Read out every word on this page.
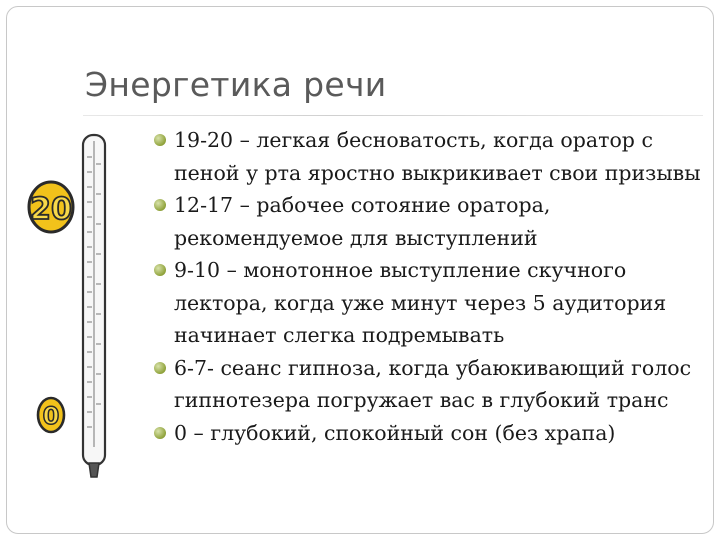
Энергетика речи
20
0
19-20 – легкая бесноватость, когда оратор с пеной у рта яростно выкрикивает свои призывы
12-17 – рабочее сотояние оратора, рекомендуемое для выступлений
9-10 – монотонное выступление скучного лектора, когда уже минут через 5 аудитория начинает слегка подремывать
6-7- сеанс гипноза, когда убаюкивающий голос гипнотезера погружает вас в глубокий транс
0 – глубокий, спокойный сон (без храпа)
